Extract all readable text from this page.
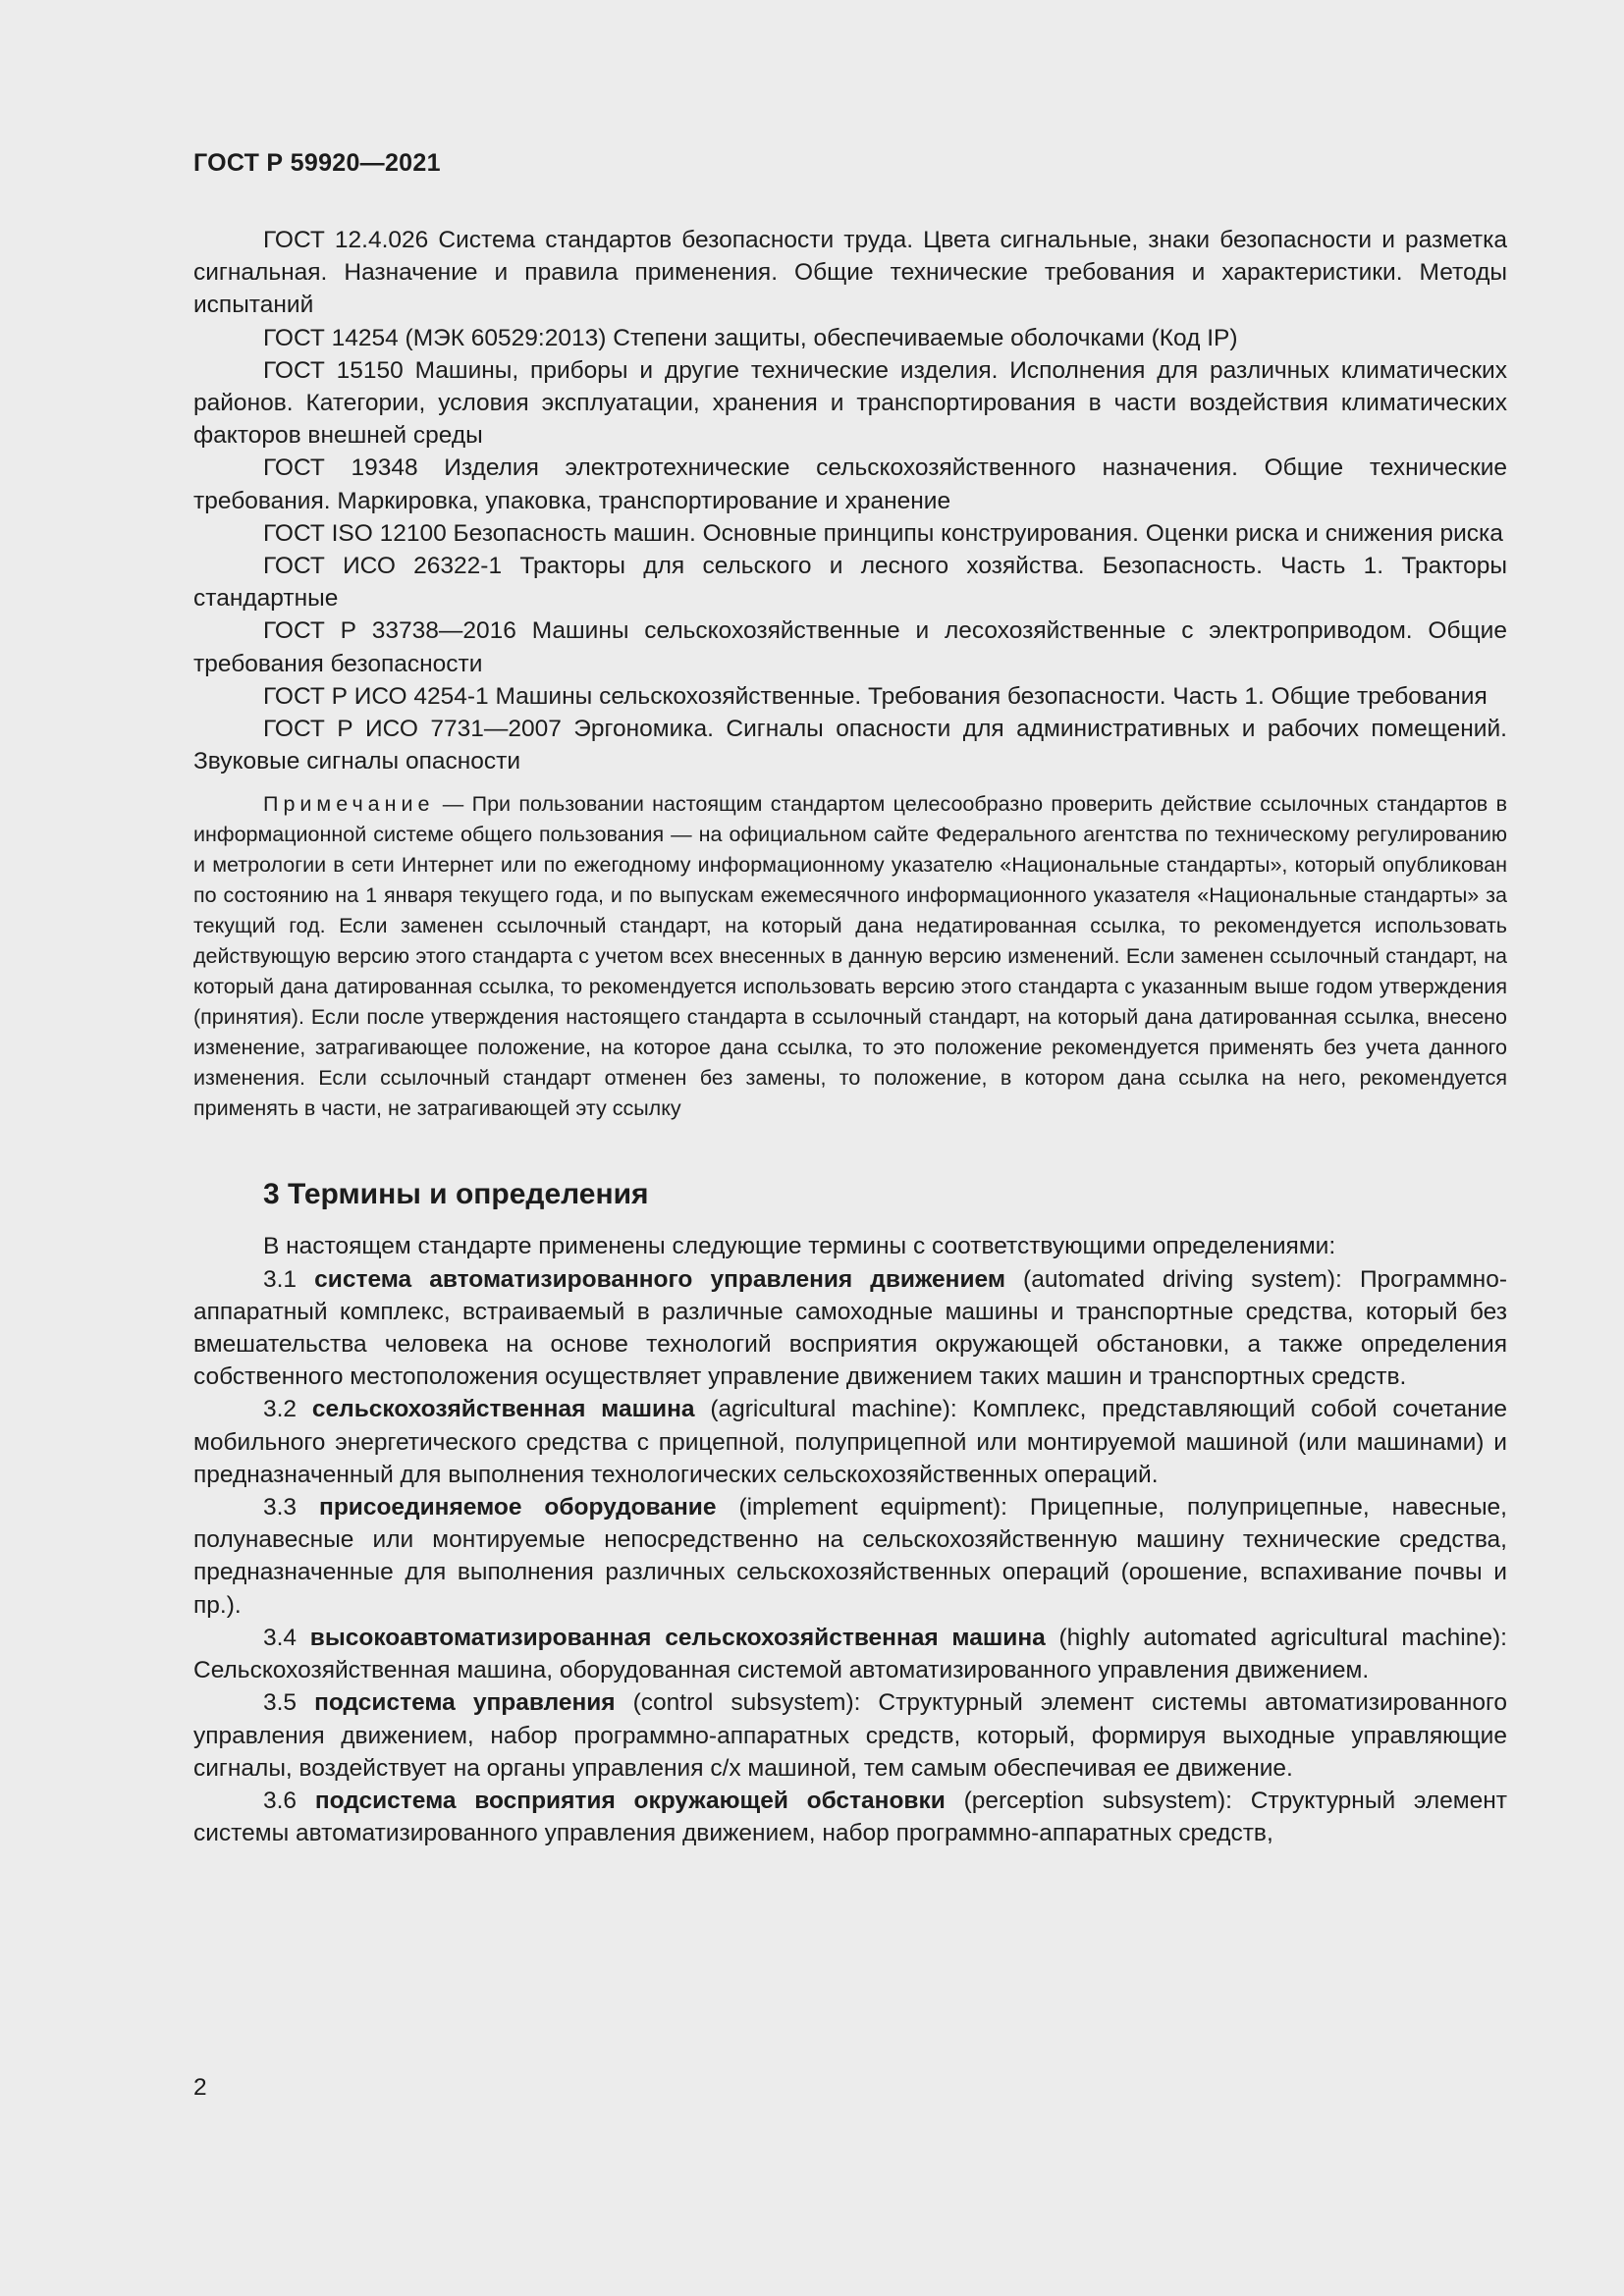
ГОСТ Р 59920—2021

ГОСТ 12.4.026 Система стандартов безопасности труда. Цвета сигнальные, знаки безопасности и разметка сигнальная. Назначение и правила применения. Общие технические требования и характеристики. Методы испытаний

ГОСТ 14254 (МЭК 60529:2013) Степени защиты, обеспечиваемые оболочками (Код IP)

ГОСТ 15150 Машины, приборы и другие технические изделия. Исполнения для различных климатических районов. Категории, условия эксплуатации, хранения и транспортирования в части воздействия климатических факторов внешней среды

ГОСТ 19348 Изделия электротехнические сельскохозяйственного назначения. Общие технические требования. Маркировка, упаковка, транспортирование и хранение

ГОСТ ISO 12100 Безопасность машин. Основные принципы конструирования. Оценки риска и снижения риска

ГОСТ ИСО 26322-1 Тракторы для сельского и лесного хозяйства. Безопасность. Часть 1. Тракторы стандартные

ГОСТ Р 33738—2016 Машины сельскохозяйственные и лесохозяйственные с электроприводом. Общие требования безопасности

ГОСТ Р ИСО 4254-1 Машины сельскохозяйственные. Требования безопасности. Часть 1. Общие требования

ГОСТ Р ИСО 7731—2007 Эргономика. Сигналы опасности для административных и рабочих помещений. Звуковые сигналы опасности

Примечание — При пользовании настоящим стандартом целесообразно проверить действие ссылочных стандартов в информационной системе общего пользования — на официальном сайте Федерального агентства по техническому регулированию и метрологии в сети Интернет или по ежегодному информационному указателю «Национальные стандарты», который опубликован по состоянию на 1 января текущего года, и по выпускам ежемесячного информационного указателя «Национальные стандарты» за текущий год. Если заменен ссылочный стандарт, на который дана недатированная ссылка, то рекомендуется использовать действующую версию этого стандарта с учетом всех внесенных в данную версию изменений. Если заменен ссылочный стандарт, на который дана датированная ссылка, то рекомендуется использовать версию этого стандарта с указанным выше годом утверждения (принятия). Если после утверждения настоящего стандарта в ссылочный стандарт, на который дана датированная ссылка, внесено изменение, затрагивающее положение, на которое дана ссылка, то это положение рекомендуется применять без учета данного изменения. Если ссылочный стандарт отменен без замены, то положение, в котором дана ссылка на него, рекомендуется применять в части, не затрагивающей эту ссылку

3 Термины и определения

В настоящем стандарте применены следующие термины с соответствующими определениями:

3.1 система автоматизированного управления движением (automated driving system): Программно-аппаратный комплекс, встраиваемый в различные самоходные машины и транспортные средства, который без вмешательства человека на основе технологий восприятия окружающей обстановки, а также определения собственного местоположения осуществляет управление движением таких машин и транспортных средств.

3.2 сельскохозяйственная машина (agricultural machine): Комплекс, представляющий собой сочетание мобильного энергетического средства с прицепной, полуприцепной или монтируемой машиной (или машинами) и предназначенный для выполнения технологических сельскохозяйственных операций.

3.3 присоединяемое оборудование (implement equipment): Прицепные, полуприцепные, навесные, полунавесные или монтируемые непосредственно на сельскохозяйственную машину технические средства, предназначенные для выполнения различных сельскохозяйственных операций (орошение, вспахивание почвы и пр.).

3.4 высокоавтоматизированная сельскохозяйственная машина (highly automated agricultural machine): Сельскохозяйственная машина, оборудованная системой автоматизированного управления движением.

3.5 подсистема управления (control subsystem): Структурный элемент системы автоматизированного управления движением, набор программно-аппаратных средств, который, формируя выходные управляющие сигналы, воздействует на органы управления с/х машиной, тем самым обеспечивая ее движение.

3.6 подсистема восприятия окружающей обстановки (perception subsystem): Структурный элемент системы автоматизированного управления движением, набор программно-аппаратных средств,

2
